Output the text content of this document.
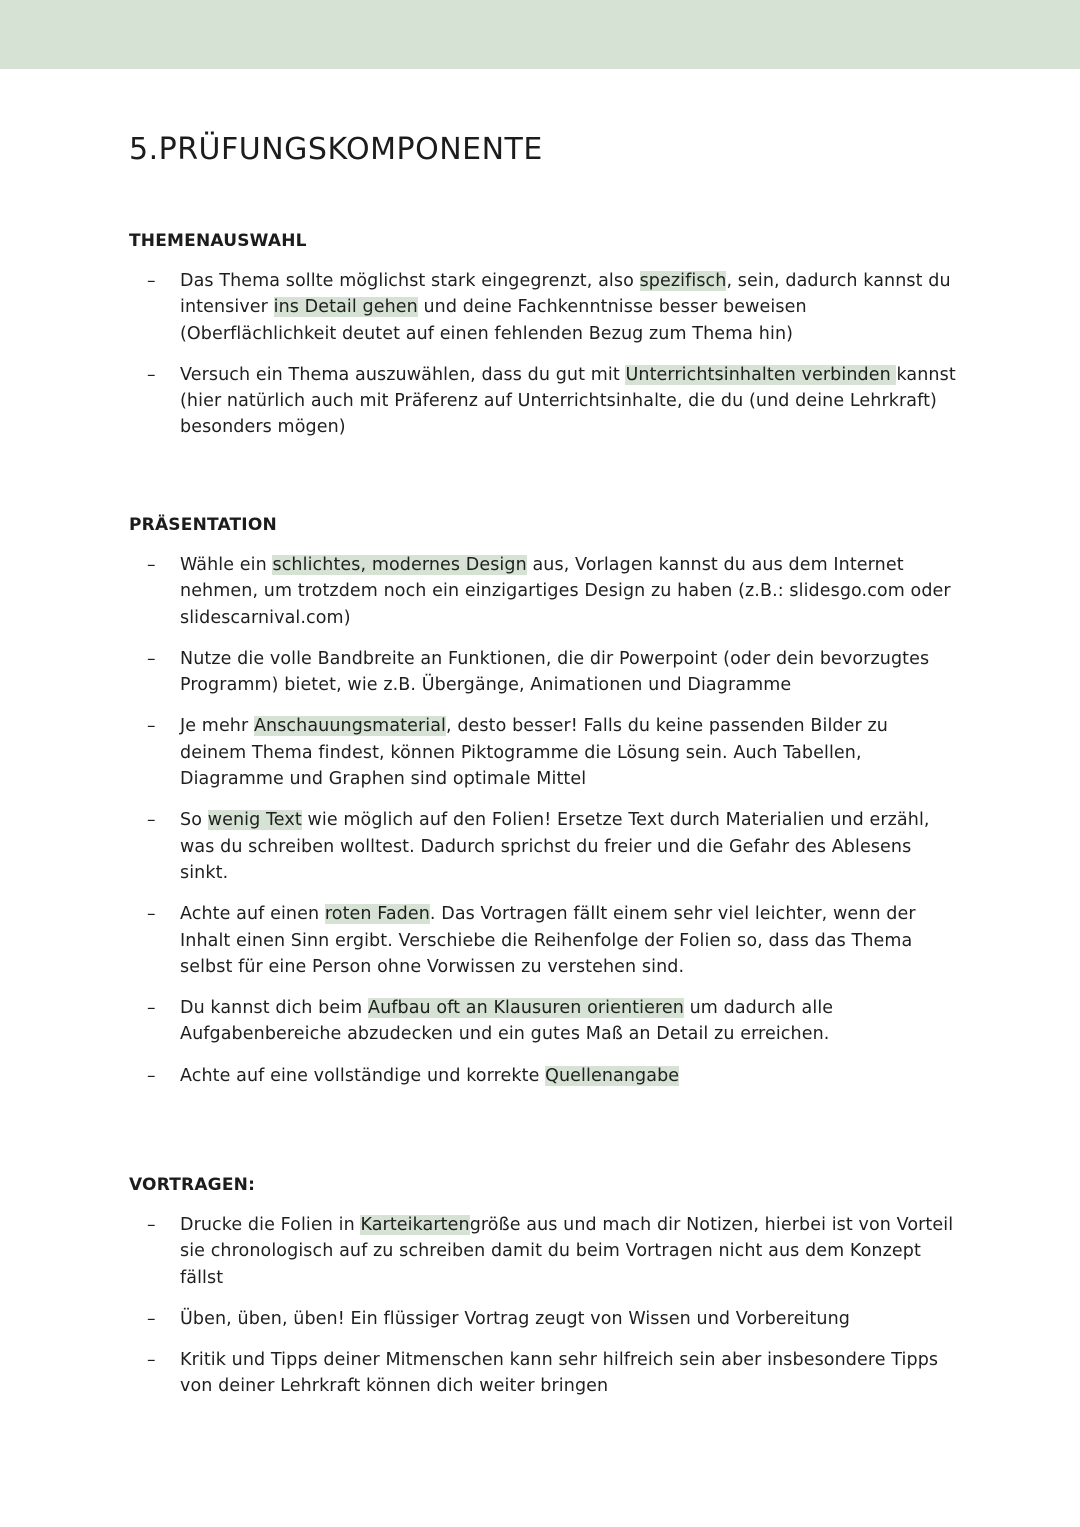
5.PRÜFUNGSKOMPONENTE
THEMENAUSWAHL
– Das Thema sollte möglichst stark eingegrenzt, also spezifisch, sein, dadurch kannst du intensiver ins Detail gehen und deine Fachkenntnisse besser beweisen (Oberflächlichkeit deutet auf einen fehlenden Bezug zum Thema hin)
– Versuch ein Thema auszuwählen, dass du gut mit Unterrichtsinhalten verbinden kannst (hier natürlich auch mit Präferenz auf Unterrichtsinhalte, die du (und deine Lehrkraft) besonders mögen)
PRÄSENTATION
– Wähle ein schlichtes, modernes Design aus, Vorlagen kannst du aus dem Internet nehmen, um trotzdem noch ein einzigartiges Design zu haben (z.B.: slidesgo.com oder slidescarnival.com)
– Nutze die volle Bandbreite an Funktionen, die dir Powerpoint (oder dein bevorzugtes Programm) bietet, wie z.B. Übergänge, Animationen und Diagramme
– Je mehr Anschauungsmaterial, desto besser! Falls du keine passenden Bilder zu deinem Thema findest, können Piktogramme die Lösung sein. Auch Tabellen, Diagramme und Graphen sind optimale Mittel
– So wenig Text wie möglich auf den Folien! Ersetze Text durch Materialien und erzähl, was du schreiben wolltest. Dadurch sprichst du freier und die Gefahr des Ablesens sinkt.
– Achte auf einen roten Faden. Das Vortragen fällt einem sehr viel leichter, wenn der Inhalt einen Sinn ergibt. Verschiebe die Reihenfolge der Folien so, dass das Thema selbst für eine Person ohne Vorwissen zu verstehen sind.
– Du kannst dich beim Aufbau oft an Klausuren orientieren um dadurch alle Aufgabenbereiche abzudecken und ein gutes Maß an Detail zu erreichen.
– Achte auf eine vollständige und korrekte Quellenangabe
VORTRAGEN:
– Drucke die Folien in Karteikartengröße aus und mach dir Notizen, hierbei ist von Vorteil sie chronologisch auf zu schreiben damit du beim Vortragen nicht aus dem Konzept fällst
– Üben, üben, üben! Ein flüssiger Vortrag zeugt von Wissen und Vorbereitung
– Kritik und Tipps deiner Mitmenschen kann sehr hilfreich sein aber insbesondere Tipps von deiner Lehrkraft können dich weiter bringen
